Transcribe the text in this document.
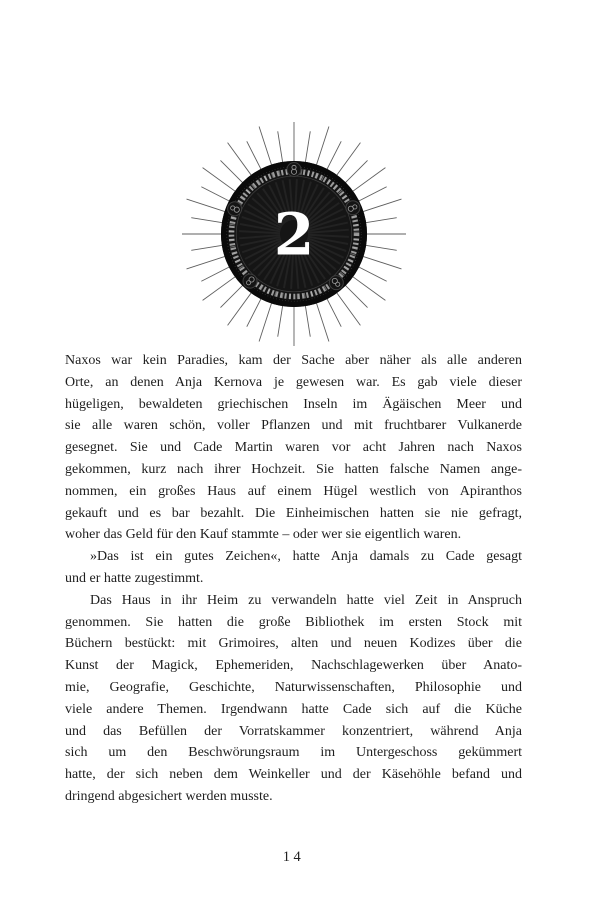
2
Naxos war kein Paradies, kam der Sache aber näher als alle anderen
Orte, an denen Anja Kernova je gewesen war. Es gab viele dieser
hügeligen, bewaldeten griechischen Inseln im Ägäischen Meer und
sie alle waren schön, voller Pflanzen und mit fruchtbarer Vulkanerde
gesegnet. Sie und Cade Martin waren vor acht Jahren nach Naxos
gekommen, kurz nach ihrer Hochzeit. Sie hatten falsche Namen ange-
nommen, ein großes Haus auf einem Hügel westlich von Apiranthos
gekauft und es bar bezahlt. Die Einheimischen hatten sie nie gefragt,
woher das Geld für den Kauf stammte – oder wer sie eigentlich waren.
»Das ist ein gutes Zeichen«, hatte Anja damals zu Cade gesagt
und er hatte zugestimmt.
Das Haus in ihr Heim zu verwandeln hatte viel Zeit in Anspruch
genommen. Sie hatten die große Bibliothek im ersten Stock mit
Büchern bestückt: mit Grimoires, alten und neuen Kodizes über die
Kunst der Magick, Ephemeriden, Nachschlagewerken über Anato-
mie, Geografie, Geschichte, Naturwissenschaften, Philosophie und
viele andere Themen. Irgendwann hatte Cade sich auf die Küche
und das Befüllen der Vorratskammer konzentriert, während Anja
sich um den Beschwörungsraum im Untergeschoss gekümmert
hatte, der sich neben dem Weinkeller und der Käsehöhle befand und
dringend abgesichert werden musste.
14
